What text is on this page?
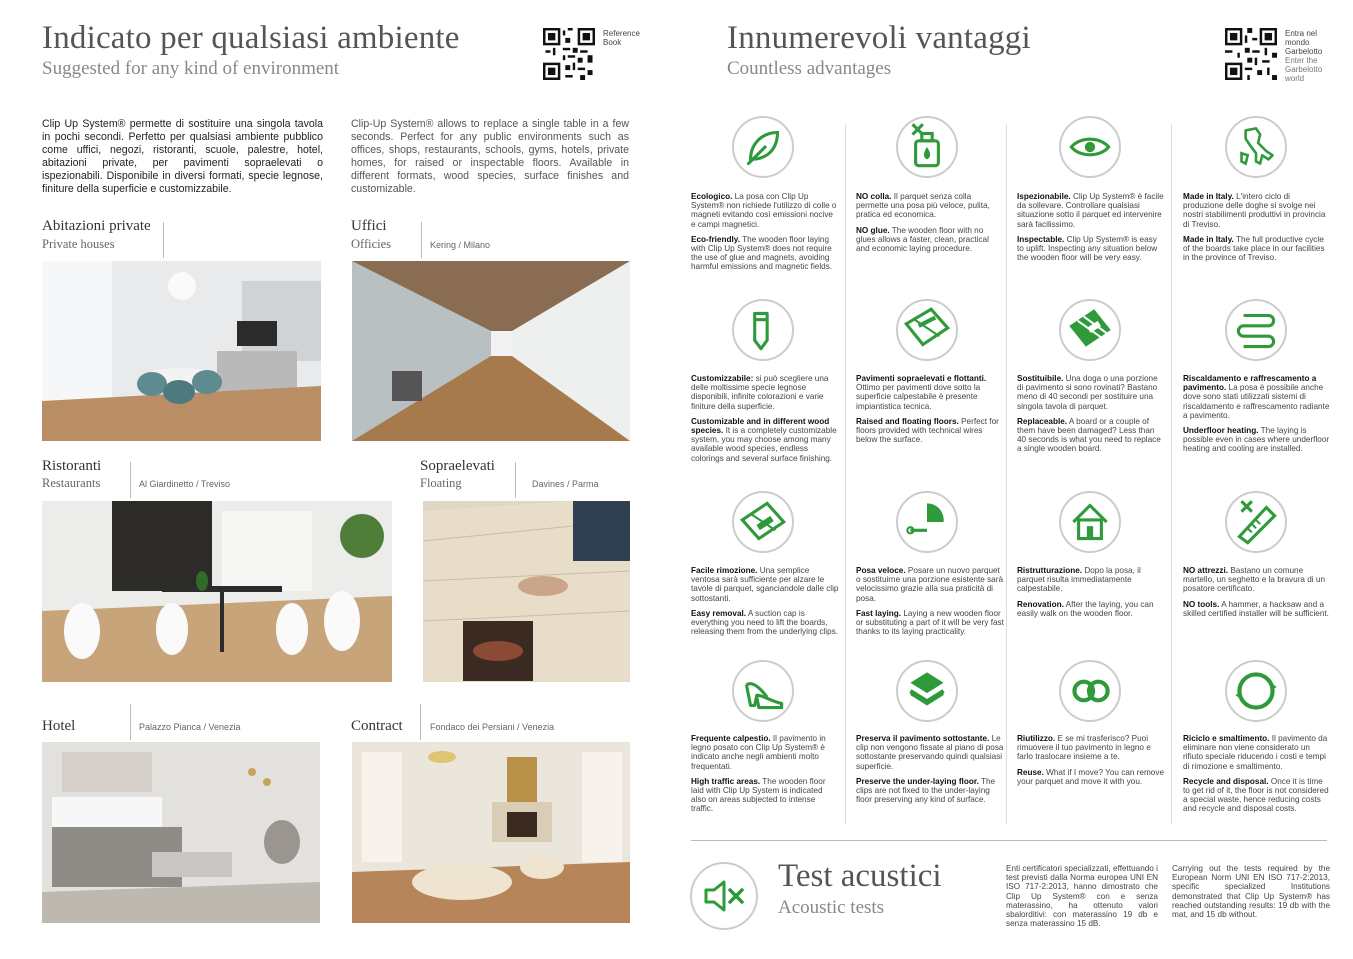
Indicato per qualsiasi ambiente
Suggested for any kind of environment
Reference
Book
Clip Up System® permette di sostituire una singola tavola in pochi secondi. Perfetto per qualsiasi ambiente pubblico come uffici, negozi, ristoranti, scuole, palestre, hotel, abitazioni private, per pavimenti sopraelevati o ispezionabili. Disponibile in diversi formati, specie legnose, finiture della superficie e customizzabile.
Clip-Up System® allows to replace a single table in a few seconds. Perfect for any public environments such as offices, shops, restaurants, schools, gyms, hotels, private homes, for raised or inspectable floors. Available in different formats, wood species, surface finishes and customizable.
Abitazioni private
Private houses
Uffici
Officies	Kering / Milano
Ristoranti
Restaurants	Al Giardinetto / Treviso
Sopraelevati
Floating	Davines / Parma
Hotel	Palazzo Pianca / Venezia	Contract	Fondaco dei Persiani / Venezia
Innumerevoli vantaggi
Countless advantages
Entra nel
mondo
Garbelotto
Enter the
Garbelotto
world

Ecologico. La posa con Clip Up System® non richiede l'utilizzo di colle o magneti evitando così emissioni nocive e campi magnetici.

Eco-friendly. The wooden floor laying with Clip Up System® does not require the use of glue and magnets, avoiding harmful emissions and magnetic fields.

NO colla. Il parquet senza colla permette una posa più veloce, pulita, pratica ed economica.

NO glue. The wooden floor with no glues allows a faster, clean, practical and economic laying procedure.

Ispezionabile. Clip Up System® è facile da sollevare. Controllare qualsiasi situazione sotto il parquet ed intervenire sarà facilissimo.

Inspectable. Clip Up System® is easy to uplift. Inspecting any situation below the wooden floor will be very easy.

Made in Italy. L'intero ciclo di produzione delle doghe si svolge nei nostri stabilimenti produttivi in provincia di Treviso.

Made in Italy. The full productive cycle of the boards take place in our facilities in the province of Treviso.

Customizzabile: si può scegliere una delle moltissime specie legnose disponibili, infinite colorazioni e varie finiture della superficie.

Customizable and in different wood species. It is a completely customizable system, you may choose among many available wood species, endless colorings and several surface finishing.

Pavimenti sopraelevati e flottanti. Ottimo per pavimenti dove sotto la superficie calpestabile è presente impiantistica tecnica.

Raised and floating floors. Perfect for floors provided with technical wires below the surface.

Sostituibile. Una doga o una porzione di pavimento si sono rovinati? Bastano meno di 40 secondi per sostituire una singola tavola di parquet.

Replaceable. A board or a couple of them have been damaged? Less than 40 seconds is what you need to replace a single wooden board.

Riscaldamento e raffrescamento a pavimento. La posa è possibile anche dove sono stati utilizzati sistemi di riscaldamento e raffrescamento radiante a pavimento.

Underfloor heating. The laying is possible even in cases where underfloor heating and cooling are installed.

Facile rimozione. Una semplice ventosa sarà sufficiente per alzare le tavole di parquet, sganciandole dalle clip sottostanti.

Easy removal. A suction cap is everything you need to lift the boards, releasing them from the underlying clips.

Posa veloce. Posare un nuovo parquet o sostituirne una porzione esistente sarà velocissimo grazie alla sua praticità di posa.

Fast laying. Laying a new wooden floor or substituting a part of it will be very fast thanks to its laying practicality.

Ristrutturazione. Dopo la posa, il parquet risulta immediatamente calpestabile.

Renovation. After the laying, you can easily walk on the wooden floor.

NO attrezzi. Bastano un comune martello, un seghetto e la bravura di un posatore certificato.

NO tools. A hammer, a hacksaw and a skilled certified installer will be sufficient.

Frequente calpestio. Il pavimento in legno posato con Clip Up System® è indicato anche negli ambienti molto frequentati.

High traffic areas. The wooden floor laid with Clip Up System is indicated also on areas subjected to intense traffic.

Preserva il pavimento sottostante. Le clip non vengono fissate al piano di posa sottostante preservando quindi qualsiasi superficie.

Preserve the under-laying floor. The clips are not fixed to the under-laying floor preserving any kind of surface.

Riutilizzo. E se mi trasferisco? Puoi rimuovere il tuo pavimento in legno e farlo traslocare insieme a te.

Reuse. What if I move? You can remove your parquet and move it with you.

Riciclo e smaltimento. Il pavimento da eliminare non viene considerato un rifiuto speciale riducendo i costi e tempi di rimozione e smaltimento.

Recycle and disposal. Once it is time to get rid of it, the floor is not considered a special waste, hence reducing costs and recycle and disposal costs.

Test acustici
Acoustic tests
Enti certificatori specializzati, effettuando i test previsti dalla Norma europea UNI EN ISO 717-2:2013, hanno dimostrato che Clip Up System® con e senza materassino, ha ottenuto valori sbalorditivi: con materassino 19 db e senza materassino 15 dB.
Carrying out the tests required by the European Norm UNI EN ISO 717-2:2013, specific specialized Institutions demonstrated that Clip Up System® has reached outstanding results: 19 db with the mat, and 15 db without.
